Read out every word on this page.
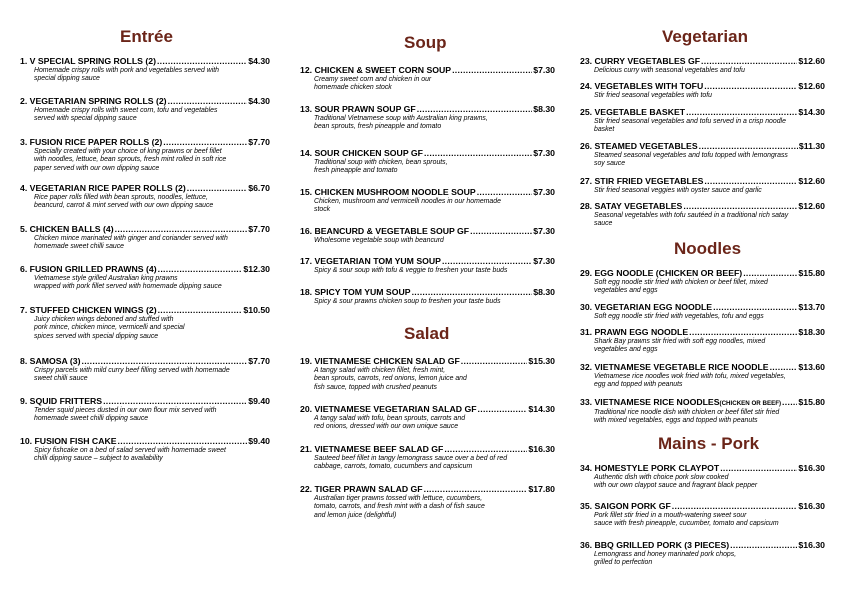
Entrée
1. V SPECIAL SPRING ROLLS (2) .....	$4.30
Homemade crispy rolls with pork and vegetables served with
special dipping sauce
2. VEGETARIAN SPRING ROLLS (2) .....	$4.30
Homemade crispy rolls with sweet corn, tofu and vegetables
served with special dipping sauce
3. FUSION RICE PAPER ROLLS (2) .....	$7.70
Specially created with your choice of king prawns or beef fillet
with noodles, lettuce, bean sprouts, fresh mint rolled in soft rice
paper served with our own dipping sauce
4. VEGETARIAN RICE PAPER ROLLS (2) .....	$6.70
Rice paper rolls filled with bean sprouts, noodles, lettuce,
beancurd, carrot & mint served with our own dipping sauce
5. CHICKEN BALLS (4) .....	$7.70
Chicken mince marinated with ginger and coriander served with
homemade sweet chilli sauce
6. FUSION GRILLED PRAWNS (4) .....	$12.30
Vietnamese style grilled Australian king prawns
wrapped with pork fillet served with homemade dipping sauce
7. STUFFED CHICKEN WINGS (2) .....	$10.50
Juicy chicken wings deboned and stuffed with
pork mince, chicken mince, vermicelli and special
spices served with special dipping sauce
8. SAMOSA (3) .....	$7.70
Crispy parcels with mild curry beef filling served with homemade
sweet chilli sauce
9. SQUID FRITTERS .....	$9.40
Tender squid pieces dusted in our own flour mix served with
homemade sweet chilli dipping sauce
10. FUSION FISH CAKE .....	$9.40
Spicy fishcake on a bed of salad served with homemade sweet
chilli dipping sauce – subject to availability
Soup
12. CHICKEN & SWEET CORN SOUP .....	$7.30
Creamy sweet corn and chicken in our
homemade chicken stock
13. SOUR PRAWN SOUP GF .....	$8.30
Traditional Vietnamese soup with Australian king prawns,
bean sprouts, fresh pineapple and tomato
14. SOUR CHICKEN SOUP GF .....	$7.30
Traditional soup with chicken, bean sprouts,
fresh pineapple and tomato
15. CHICKEN MUSHROOM NOODLE SOUP .....	$7.30
Chicken, mushroom and vermicelli noodles in our homemade
stock
16. BEANCURD & VEGETABLE SOUP GF .....	$7.30
Wholesome vegetable soup with beancurd
17. VEGETARIAN TOM YUM SOUP .....	$7.30
Spicy & sour soup with tofu & veggie to freshen your taste buds
18. SPICY TOM YUM SOUP .....	$8.30
Spicy & sour prawns chicken soup to freshen your taste buds
Salad
19. VIETNAMESE CHICKEN SALAD GF .....	$15.30
A tangy salad with chicken fillet, fresh mint,
bean sprouts, carrots, red onions, lemon juice and
fish sauce, topped with crushed peanuts
20. VIETNAMESE VEGETARIAN SALAD GF .....	$14.30
A tangy salad with tofu, bean sprouts, carrots and
red onions, dressed with our own unique sauce
21. VIETNAMESE BEEF SALAD GF .....	$16.30
Sauteed beef fillet in tangy lemongrass sauce over a bed of red
cabbage, carrots, tomato, cucumbers and capsicum
22. TIGER PRAWN SALAD GF .....	$17.80
Australian tiger prawns tossed with lettuce, cucumbers,
tomato, carrots, and fresh mint with a dash of fish sauce
and lemon juice (delightful)
Vegetarian
23. CURRY VEGETABLES GF .....	$12.60
Delicious curry with seasonal vegetables and tofu
24. VEGETABLES WITH TOFU .....	$12.60
Stir fried seasonal vegetables with tofu
25. VEGETABLE BASKET .....	$14.30
Stir fried seasonal vegetables and tofu served in a crisp noodle
basket
26. STEAMED VEGETABLES .....	$11.30
Steamed seasonal vegetables and tofu topped with lemongrass
soy sauce
27. STIR FRIED VEGETABLES .....	$12.60
Stir fried seasonal veggies with oyster sauce and garlic
28. SATAY VEGETABLES .....	$12.60
Seasonal vegetables with tofu sautéed in a traditional rich satay
sauce
Noodles
29. EGG NOODLE (CHICKEN OR BEEF) .....	$15.80
Soft egg noodle stir fried with chicken or beef fillet, mixed
vegetables and eggs
30. VEGETARIAN EGG NOODLE .....	$13.70
Soft egg noodle stir fried with vegetables, tofu and eggs
31. PRAWN EGG NOODLE .....	$18.30
Shark Bay prawns stir fried with soft egg noodles, mixed
vegetables and eggs
32. VIETNAMESE VEGETABLE RICE NOODLE .....	$13.60
Vietnamese rice noodles wok fried with tofu, mixed vegetables,
egg and topped with peanuts
33. VIETNAMESE RICE NOODLES(CHICKEN OR BEEF) ..... $15.80
Traditional rice noodle dish with chicken or beef fillet stir fried
with mixed vegetables, eggs and topped with peanuts
Mains - Pork
34. HOMESTYLE PORK CLAYPOT .....	$16.30
Authentic dish with choice pork slow cooked
with our own claypot sauce and fragrant black pepper
35. SAIGON PORK GF .....	$16.30
Pork fillet stir fried in a mouth-watering sweet sour
sauce with fresh pineapple, cucumber, tomato and capsicum
36. BBQ GRILLED PORK (3 PIECES) .....	$16.30
Lemongrass and honey marinated pork chops,
grilled to perfection
